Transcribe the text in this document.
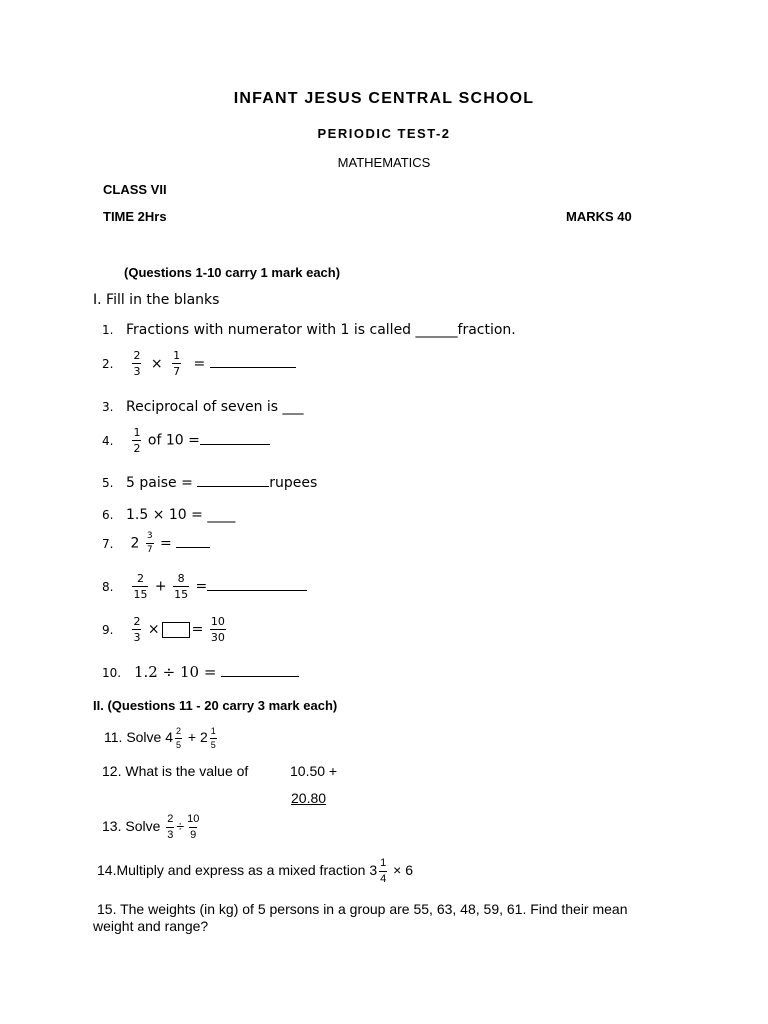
INFANT JESUS CENTRAL SCHOOL
PERIODIC TEST-2
MATHEMATICS
CLASS VII
TIME 2Hrs	MARKS 40
(Questions 1-10 carry 1 mark each)
I. Fill in the blanks
1. Fractions with numerator with 1 is called ______fraction.
2. $\frac{2}{3} \times \frac{1}{7}$ =
3. Reciprocal of seven is ___
4. $\frac{1}{2}$ of 10 =
5. 5 paise =	rupees
6. 1.5 × 10 = ____
7. $2 \frac{3}{7}$ =
8. $\frac{2}{15} + \frac{8}{15}$ =
9. $\frac{2}{3}$ × = $\frac{10}{30}$
10. 1.2 ÷ 10 =
II. (Questions 11 - 20 carry 3 mark each)
11. Solve $4 \frac{2}{5} + 2 \frac{1}{5}$
12. What is the value of	10.50 +
20.80
13. Solve $\frac{2}{3} \div \frac{10}{9}$
14.Multiply and express as a mixed fraction $3 \frac{1}{4} \times 6$
15. The weights (in kg) of 5 persons in a group are 55, 63, 48, 59, 61. Find their mean weight and range?
